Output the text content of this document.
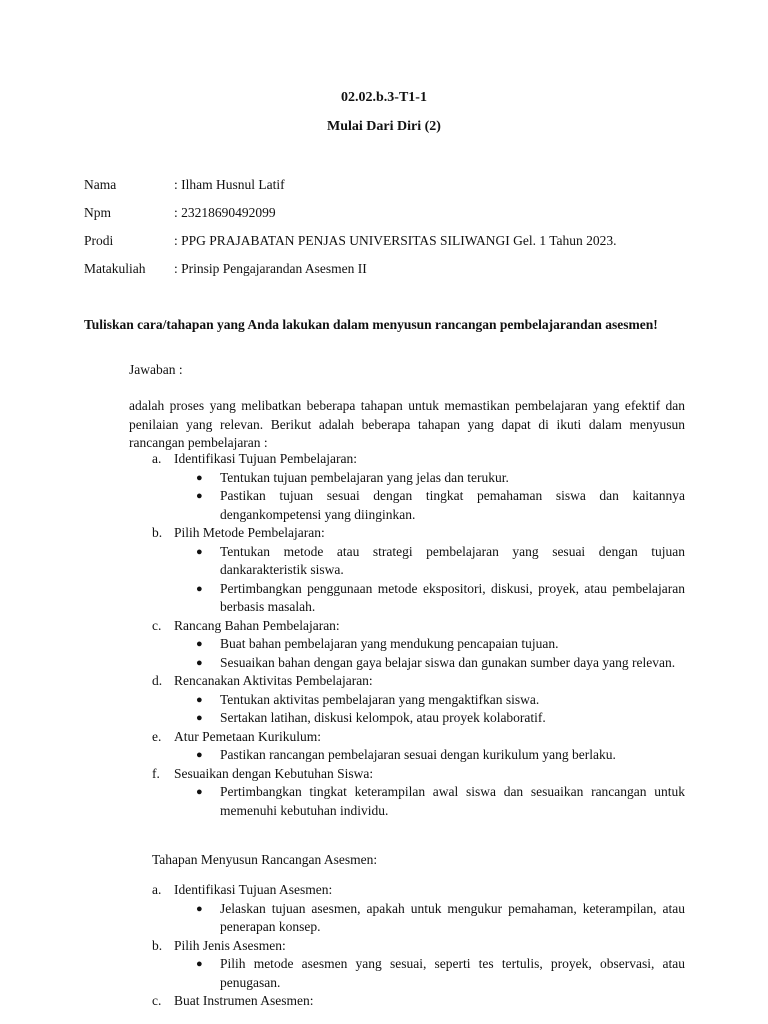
02.02.b.3-T1-1
Mulai Dari Diri (2)
Nama	: Ilham Husnul Latif
Npm	: 23218690492099
Prodi	: PPG PRAJABATAN PENJAS UNIVERSITAS SILIWANGI Gel. 1 Tahun 2023.
Matakuliah : Prinsip Pengajarandan Asesmen II
Tuliskan cara/tahapan yang Anda lakukan dalam menyusun rancangan pembelajarandan asesmen!
Jawaban :
adalah proses yang melibatkan beberapa tahapan untuk memastikan pembelajaran yang efektif dan penilaian yang relevan. Berikut adalah beberapa tahapan yang dapat di ikuti dalam menyusun rancangan pembelajaran :
a. Identifikasi Tujuan Pembelajaran:
●	Tentukan tujuan pembelajaran yang jelas dan terukur.
●	Pastikan tujuan sesuai dengan tingkat pemahaman siswa dan kaitannya dengankompetensi yang diinginkan.
b. Pilih Metode Pembelajaran:
●	Tentukan metode atau strategi pembelajaran yang sesuai dengan tujuan dankarakteristik siswa.
●	Pertimbangkan penggunaan metode ekspositori, diskusi, proyek, atau pembelajaran berbasis masalah.
c. Rancang Bahan Pembelajaran:
●	Buat bahan pembelajaran yang mendukung pencapaian tujuan.
●	Sesuaikan bahan dengan gaya belajar siswa dan gunakan sumber daya yang relevan.
d. Rencanakan Aktivitas Pembelajaran:
●	Tentukan aktivitas pembelajaran yang mengaktifkan siswa.
●	Sertakan latihan, diskusi kelompok, atau proyek kolaboratif.
e. Atur Pemetaan Kurikulum:
●	Pastikan rancangan pembelajaran sesuai dengan kurikulum yang berlaku.
f.	Sesuaikan dengan Kebutuhan Siswa:
●	Pertimbangkan tingkat keterampilan awal siswa dan sesuaikan rancangan untuk memenuhi kebutuhan individu.
Tahapan Menyusun Rancangan Asesmen:
a. Identifikasi Tujuan Asesmen:
●	Jelaskan tujuan asesmen, apakah untuk mengukur pemahaman, keterampilan, atau penerapan konsep.
b. Pilih Jenis Asesmen:
●	Pilih metode asesmen yang sesuai, seperti tes tertulis, proyek, observasi, atau penugasan.
c. Buat Instrumen Asesmen:
